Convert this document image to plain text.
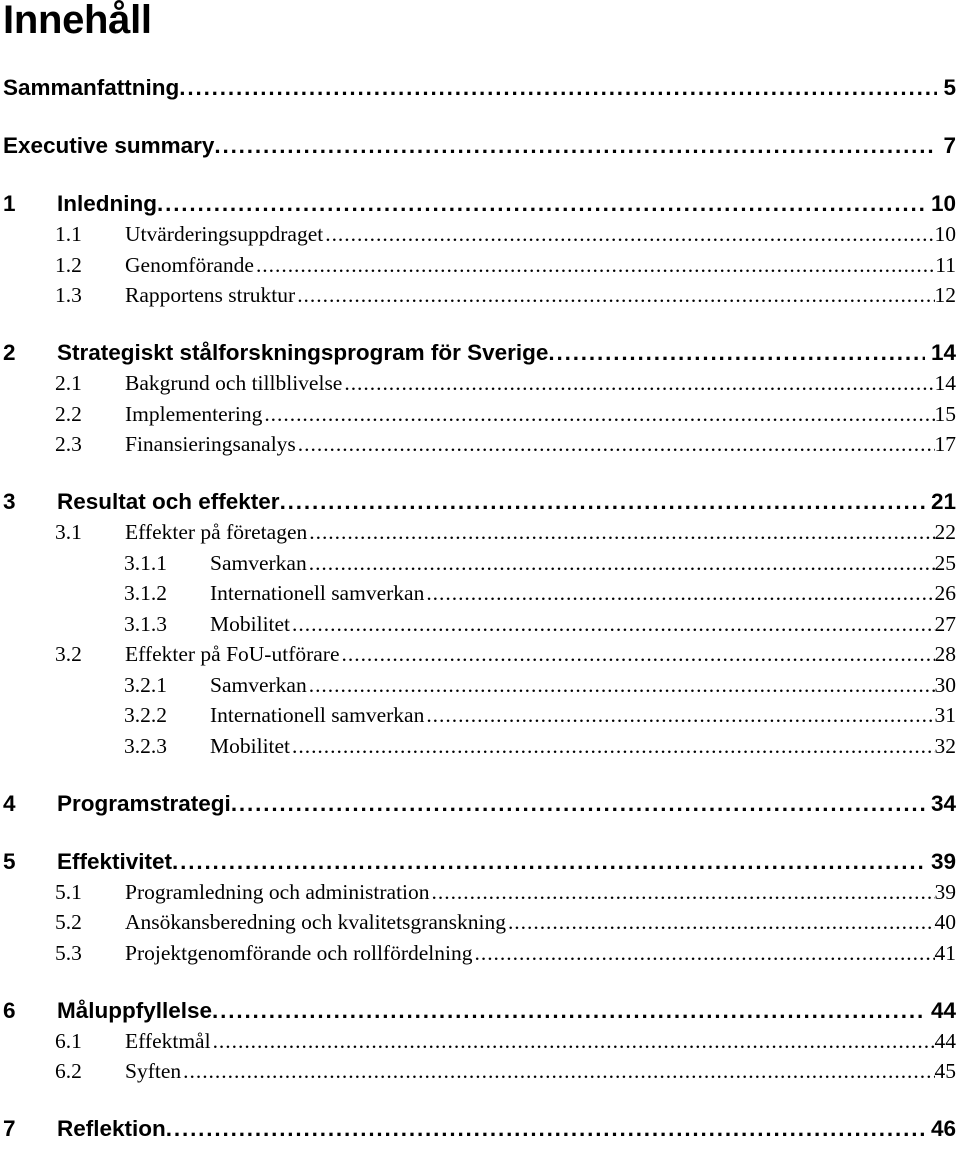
Innehåll
Sammanfattning . . .	5
Executive summary . . .	7
1	Inledning . . .	10
1.1	Utvärderingsuppdraget . . .	10
1.2	Genomförande . . .	11
1.3	Rapportens struktur . . .	12
2	Strategiskt stålforskningsprogram för Sverige . . .	14
2.1	Bakgrund och tillblivelse . . .	14
2.2	Implementering . . .	15
2.3	Finansieringsanalys . . .	17
3	Resultat och effekter . . .	21
3.1	Effekter på företagen . . .	22
3.1.1	Samverkan . . .	25
3.1.2	Internationell samverkan . . .	26
3.1.3	Mobilitet . . .	27
3.2	Effekter på FoU-utförare . . .	28
3.2.1	Samverkan . . .	30
3.2.2	Internationell samverkan . . .	31
3.2.3	Mobilitet . . .	32
4	Programstrategi . . .	34
5	Effektivitet . . .	39
5.1	Programledning och administration . . .	39
5.2	Ansökansberedning och kvalitetsgranskning . . .	40
5.3	Projektgenomförande och rollfördelning . . .	41
6	Måluppfyllelse . . .	44
6.1	Effektmål . . .	44
6.2	Syften . . .	45
7	Reflektion . . .	46
